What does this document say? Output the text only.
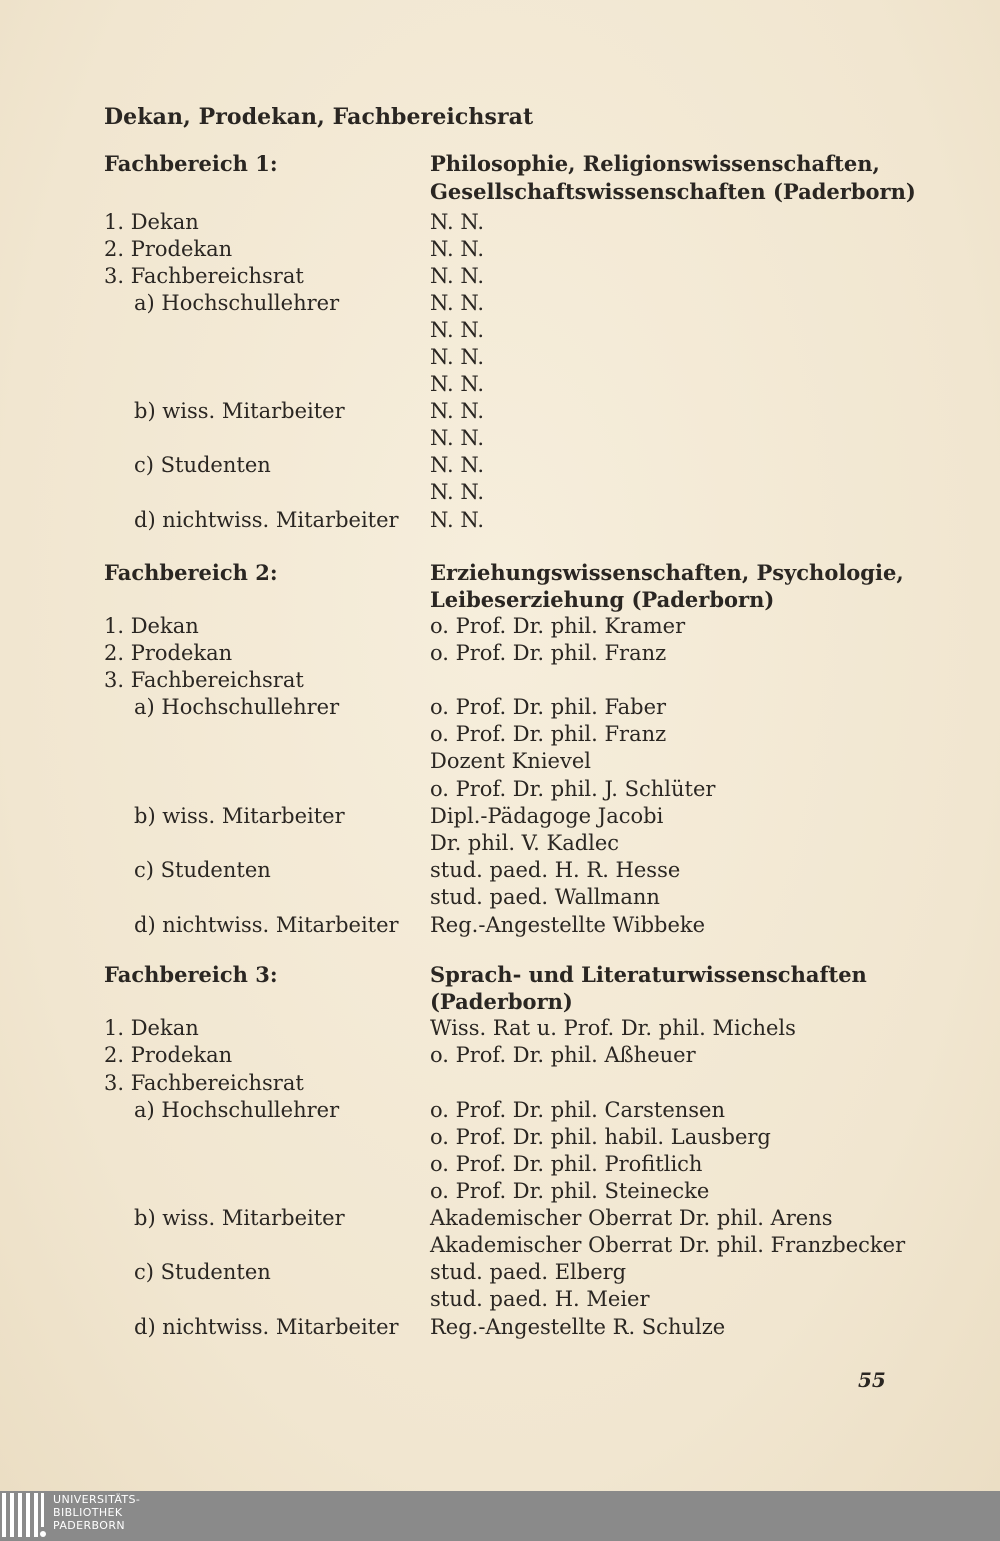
Dekan, Prodekan, Fachbereichsrat
Fachbereich 1:	Philosophie, Religionswissenschaften,
Gesellschaftswissenschaften (Paderborn)
1. Dekan	N. N.
2. Prodekan	N. N.
3. Fachbereichsrat	N. N.
a) Hochschullehrer	N. N.
N. N.
N. N.
N. N.
b) wiss. Mitarbeiter	N. N.
N. N.
c) Studenten	N. N.
N. N.
d) nichtwiss. Mitarbeiter N. N.
Fachbereich 2:	Erziehungswissenschaften, Psychologie,
Leibeserziehung (Paderborn)
1. Dekan	o. Prof. Dr. phil. Kramer
2. Prodekan	o. Prof. Dr. phil. Franz
3. Fachbereichsrat
a) Hochschullehrer	o. Prof. Dr. phil. Faber
o. Prof. Dr. phil. Franz
Dozent Knievel
o. Prof. Dr. phil. J. Schlüter
b) wiss. Mitarbeiter	Dipl.-Pädagoge Jacobi
Dr. phil. V. Kadlec
c) Studenten	stud. paed. H. R. Hesse
stud. paed. Wallmann
d) nichtwiss. Mitarbeiter Reg.-Angestellte Wibbeke
Fachbereich 3:	Sprach- und Literaturwissenschaften
(Paderborn)
1. Dekan	Wiss. Rat u. Prof. Dr. phil. Michels
2. Prodekan	o. Prof. Dr. phil. Aßheuer
3. Fachbereichsrat
a) Hochschullehrer	o. Prof. Dr. phil. Carstensen
o. Prof. Dr. phil. habil. Lausberg
o. Prof. Dr. phil. Profitlich
o. Prof. Dr. phil. Steinecke
b) wiss. Mitarbeiter	Akademischer Oberrat Dr. phil. Arens
Akademischer Oberrat Dr. phil. Franzbecker
c) Studenten	stud. paed. Elberg
stud. paed. H. Meier
d) nichtwiss. Mitarbeiter Reg.-Angestellte R. Schulze
55
UNIVERSITÄTS-
BIBLIOTHEK
PADERBORN
